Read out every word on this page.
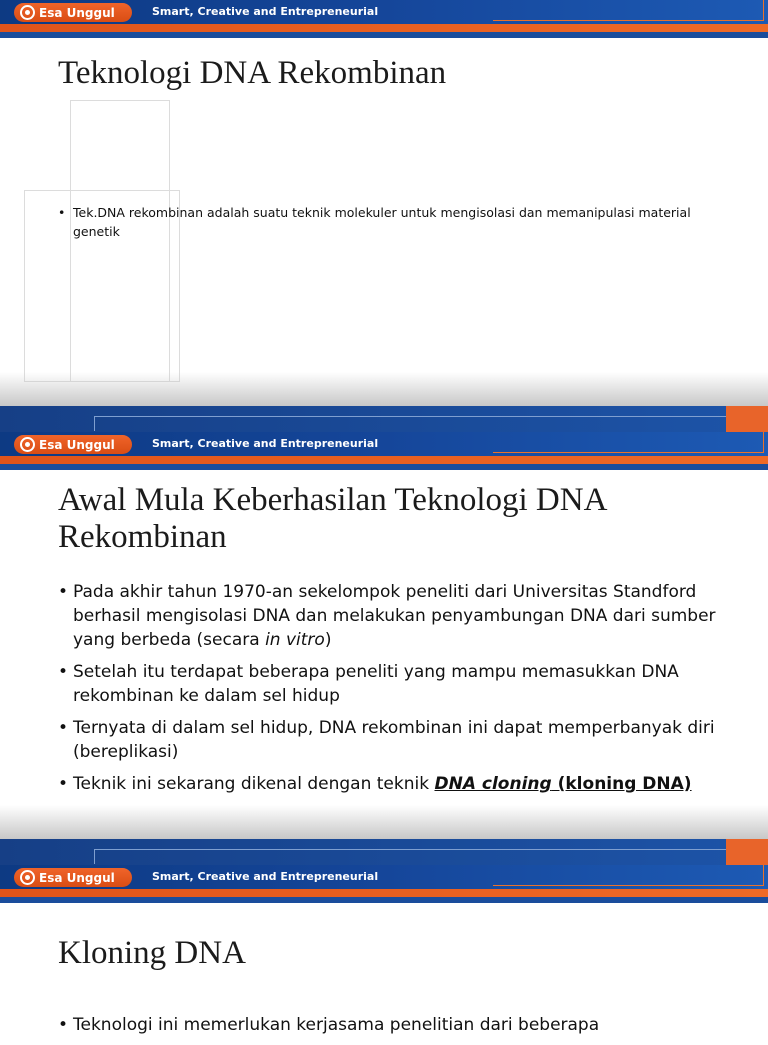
Esa Unggul	Smart, Creative and Entrepreneurial
Teknologi DNA Rekombinan
• Tek.DNA rekombinan adalah suatu teknik molekuler untuk mengisolasi dan memanipulasi material genetik
Esa Unggul	Smart, Creative and Entrepreneurial
Awal Mula Keberhasilan Teknologi DNA Rekombinan
• Pada akhir tahun 1970-an sekelompok peneliti dari Universitas Standford berhasil mengisolasi DNA dan melakukan penyambungan DNA dari sumber yang berbeda (secara in vitro)
• Setelah itu terdapat beberapa peneliti yang mampu memasukkan DNA rekombinan ke dalam sel hidup
• Ternyata di dalam sel hidup, DNA rekombinan ini dapat memperbanyak diri (bereplikasi)
• Teknik ini sekarang dikenal dengan teknik DNA cloning (kloning DNA)
Esa Unggul	Smart, Creative and Entrepreneurial
Kloning DNA
• Teknologi ini memerlukan kerjasama penelitian dari beberapa
